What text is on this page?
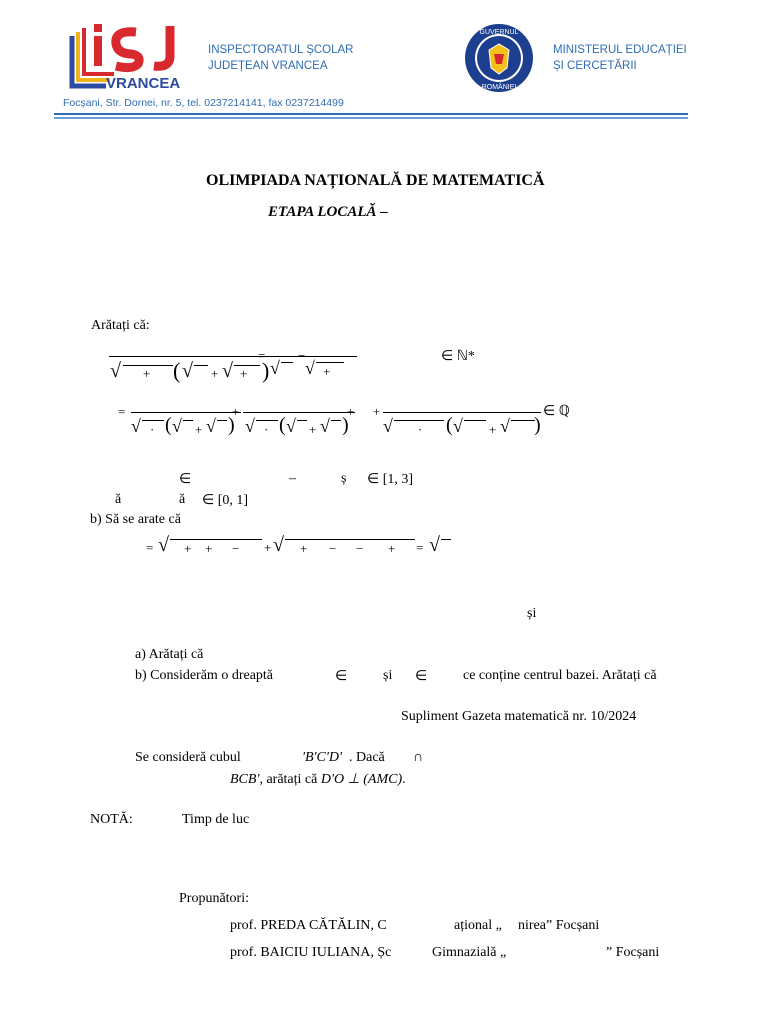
VRANCEA
INSPECTORATUL ȘCOLAR
JUDEȚEAN VRANCEA
GUVERNUL
ROMÂNIEI
MINISTERUL EDUCAȚIEI
ȘI CERCETĂRII
Focșani, Str. Dornei, nr. 5, tel. 0237214141, fax 0237214499
OLIMPIADA NAȚIONALĂ DE MATEMATICĂ
ETAPA LOCALĂ –
Arătați că:
√ + ( √ + √ + )
=
√
−
√ +
∈ ℕ*
=
√ · ( √ + √ )
+
√ · ( √ + √ )
+ +
√ · ( √ + √ )
∈ ℚ
∈	–	ș ∈ [1, 3]
ă	ă ∈ [0, 1]
b) Să se arate că
= √ + + − + √ + − − + = √
și
a) Arătați că
b) Considerăm o dreaptă	∈	și ∈	ce conține centrul bazei. Arătați că
Supliment Gazeta matematică nr. 10/2024
Se consideră cubul	'B'C'D' . Dacă ∩
BCB', arătați că D'O ⊥ (AMC).
NOTĂ:	Timp de luc
Propunători:
prof. PREDA CĂTĂLIN, C	ațional „ nirea” Focșani
prof. BAICIU IULIANA, Șc	Gimnazială „	” Focșani
